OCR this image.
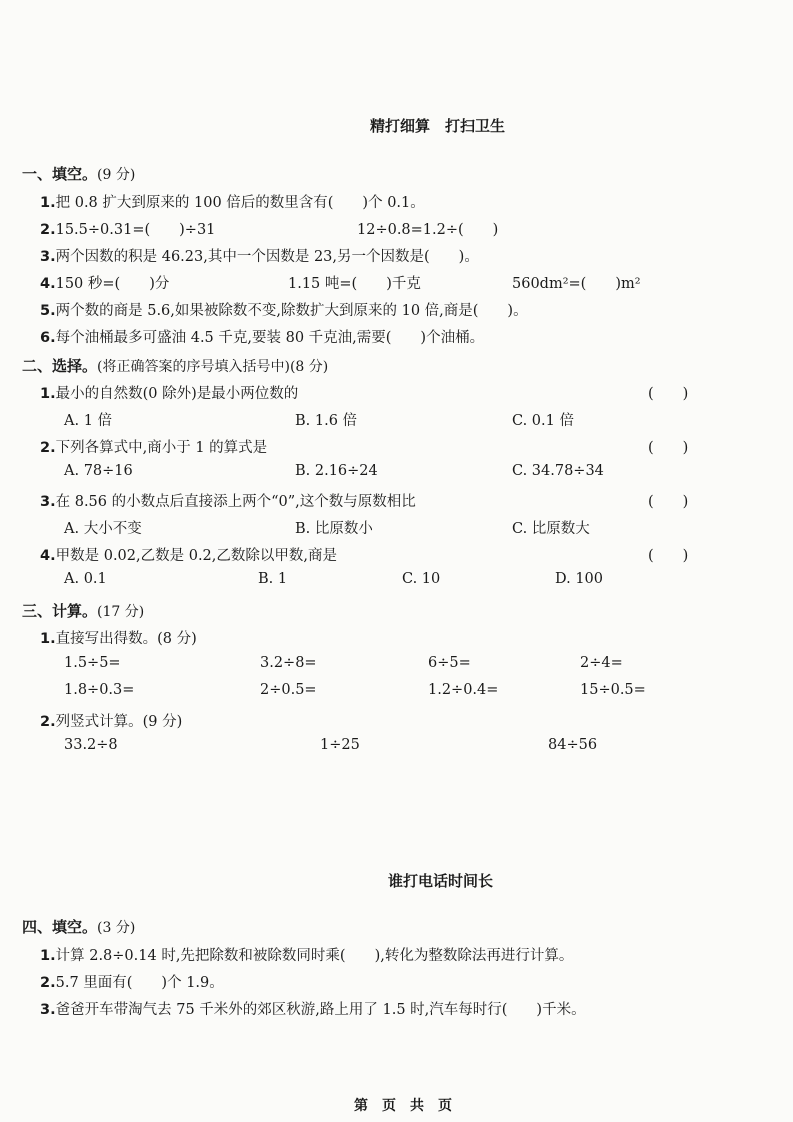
精打细算　打扫卫生
一、填空。(9 分)
1.把 0.8 扩大到原来的 100 倍后的数里含有(　　)个 0.1。
2.15.5÷0.31=(　　)÷31	12÷0.8=1.2÷(　　)
3.两个因数的积是 46.23,其中一个因数是 23,另一个因数是(　　)。
4.150 秒=(　　)分	1.15 吨=(　　)千克	560dm²=(　　)m²
5.两个数的商是 5.6,如果被除数不变,除数扩大到原来的 10 倍,商是(　　)。
6.每个油桶最多可盛油 4.5 千克,要装 80 千克油,需要(　　)个油桶。
二、选择。(将正确答案的序号填入括号中)(8 分)
1.最小的自然数(0 除外)是最小两位数的	(　　)
A. 1 倍	B. 1.6 倍	C. 0.1 倍
2.下列各算式中,商小于 1 的算式是	(　　)
A. 78÷16	B. 2.16÷24	C. 34.78÷34
3.在 8.56 的小数点后直接添上两个“0”,这个数与原数相比	(　　)
A. 大小不变	B. 比原数小	C. 比原数大
4.甲数是 0.02,乙数是 0.2,乙数除以甲数,商是	(　　)
A. 0.1	B. 1	C. 10	D. 100
三、计算。(17 分)
1.直接写出得数。(8 分)
1.5÷5=	3.2÷8=	6÷5=	2÷4=
1.8÷0.3=	2÷0.5=	1.2÷0.4=	15÷0.5=
2.列竖式计算。(9 分)
33.2÷8	1÷25	84÷56
谁打电话时间长
四、填空。(3 分)
1.计算 2.8÷0.14 时,先把除数和被除数同时乘(　　),转化为整数除法再进行计算。
2.5.7 里面有(　　)个 1.9。
3.爸爸开车带淘气去 75 千米外的郊区秋游,路上用了 1.5 时,汽车每时行(　　)千米。
第　页　共　页
